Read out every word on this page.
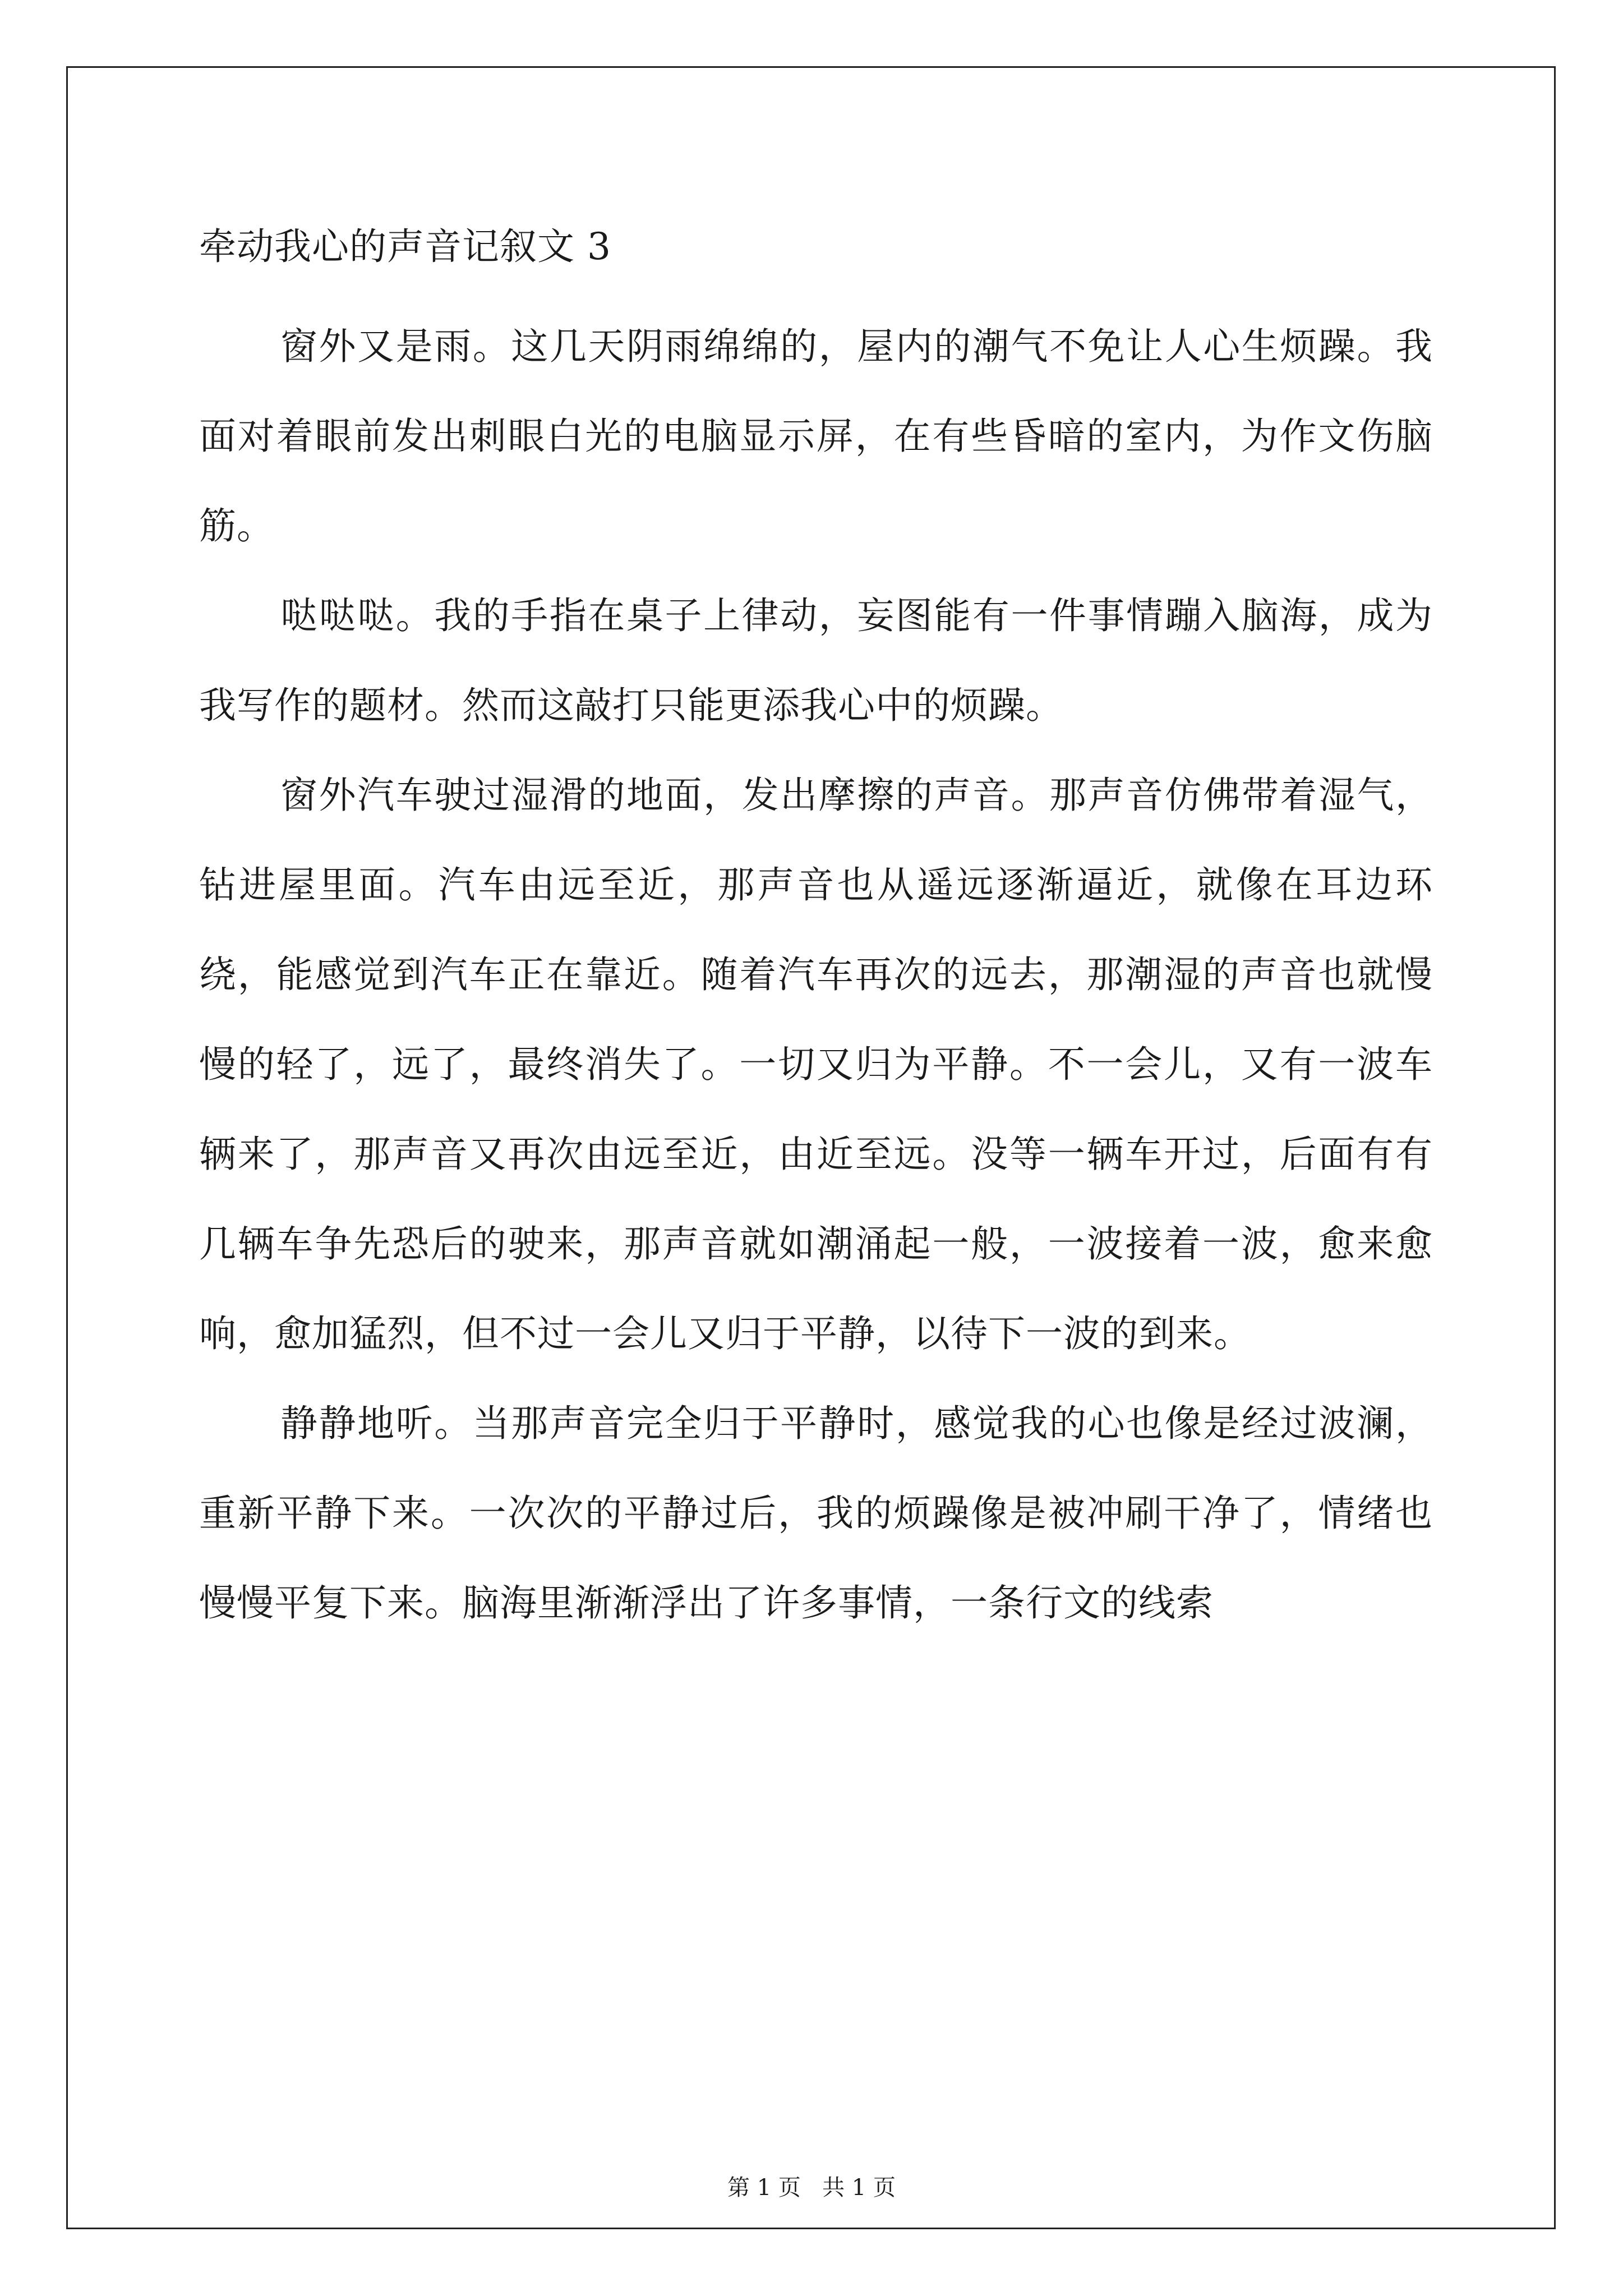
牵动我心的声音记叙文 3

窗外又是雨。这几天阴雨绵绵的，屋内的潮气不免让人心生烦躁。我面对着眼前发出刺眼白光的电脑显示屏，在有些昏暗的室内，为作文伤脑筋。

哒哒哒。我的手指在桌子上律动，妄图能有一件事情蹦入脑海，成为我写作的题材。然而这敲打只能更添我心中的烦躁。

窗外汽车驶过湿滑的地面，发出摩擦的声音。那声音仿佛带着湿气，钻进屋里面。汽车由远至近，那声音也从遥远逐渐逼近，就像在耳边环绕，能感觉到汽车正在靠近。随着汽车再次的远去，那潮湿的声音也就慢慢的轻了，远了，最终消失了。一切又归为平静。不一会儿，又有一波车辆来了，那声音又再次由远至近，由近至远。没等一辆车开过，后面有有几辆车争先恐后的驶来，那声音就如潮涌起一般，一波接着一波，愈来愈响，愈加猛烈，但不过一会儿又归于平静，以待下一波的到来。

静静地听。当那声音完全归于平静时，感觉我的心也像是经过波澜，重新平静下来。一次次的平静过后，我的烦躁像是被冲刷干净了，情绪也慢慢平复下来。脑海里渐渐浮出了许多事情，一条行文的线索

第 1 页   共 1 页
